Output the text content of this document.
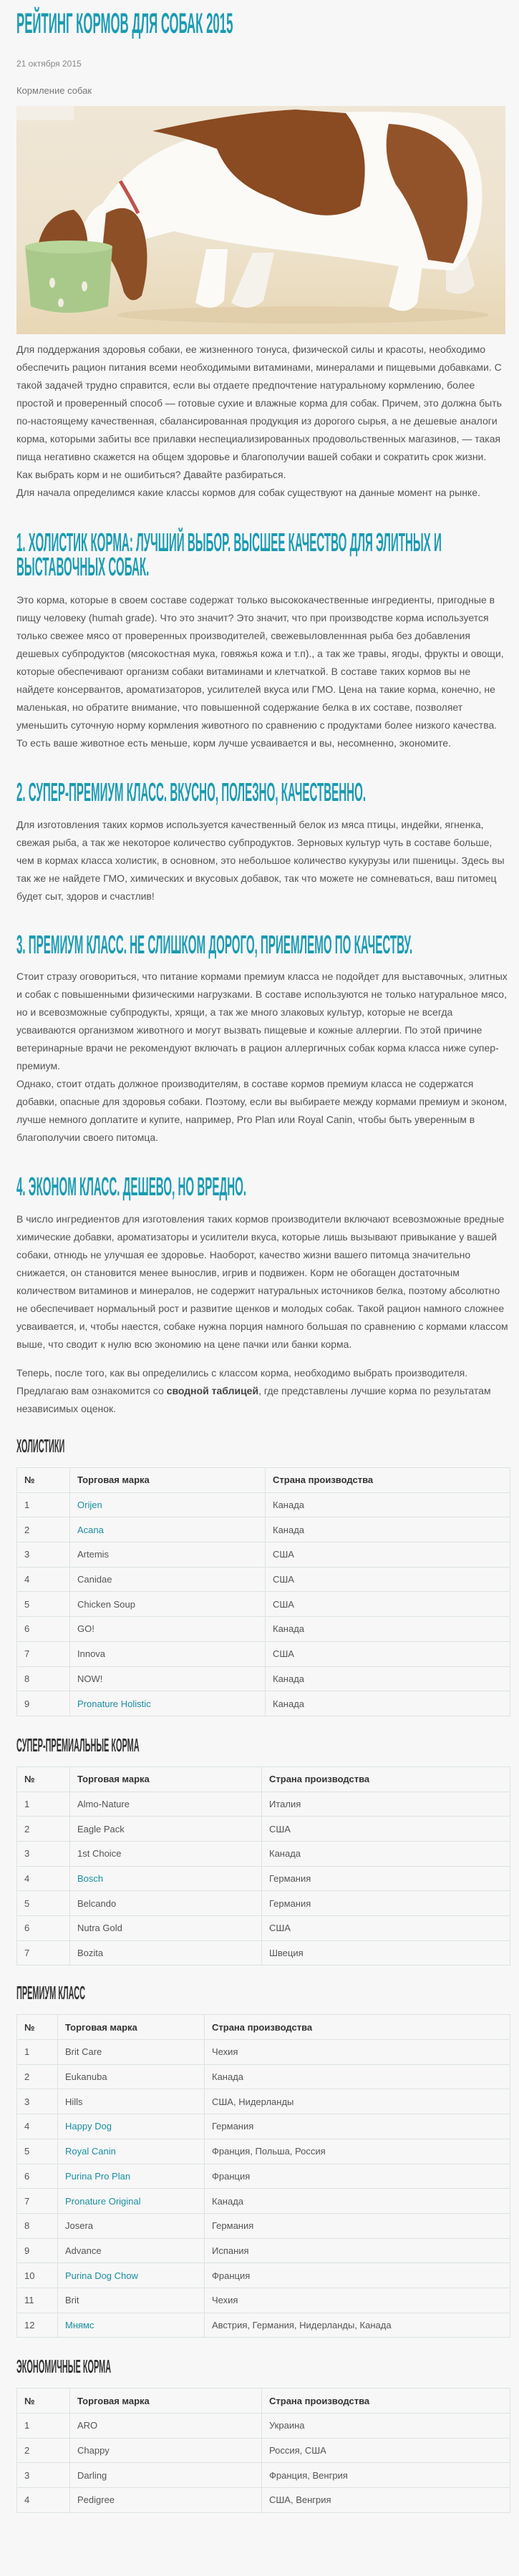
РЕЙТИНГ КОРМОВ ДЛЯ СОБАК 2015
21 октября 2015
Кормление собак

Для поддержания здоровья собаки, ее жизненного тонуса, физической силы и красоты, необходимо обеспечить рацион питания всеми необходимыми витаминами, минералами и пищевыми добавками. С такой задачей трудно справится, если вы отдаете предпочтение натуральному кормлению, более простой и проверенный способ — готовые сухие и влажные корма для собак. Причем, это должна быть по-настоящему качественная, сбалансированная продукция из дорогого сырья, а не дешевые аналоги корма, которыми забиты все прилавки неспециализированных продовольственных магазинов, — такая пища негативно скажется на общем здоровье и благополучии вашей собаки и сократить срок жизни.

Как выбрать корм и не ошибиться? Давайте разбираться.

Для начала определимся какие классы кормов для собак существуют на данные момент на рынке.

1. ХОЛИСТИК КОРМА: ЛУЧШИЙ ВЫБОР. ВЫСШЕЕ КАЧЕСТВО ДЛЯ ЭЛИТНЫХ И ВЫСТАВОЧНЫХ СОБАК.

Это корма, которые в своем составе содержат только высококачественные ингредиенты, пригодные в пищу человеку (humah grade). Что это значит? Это значит, что при производстве корма используется только свежее мясо от проверенных производителей, свежевыловленнная рыба без добавления дешевых субпродуктов (мясокостная мука, говяжья кожа и т.п)., а так же травы, ягоды, фрукты и овощи, которые обеспечивают организм собаки витаминами и клетчаткой. В составе таких кормов вы не найдете консервантов, ароматизаторов, усилителей вкуса или ГМО. Цена на такие корма, конечно, не маленькая, но обратите внимание, что повышенной содержание белка в их составе, позволяет уменьшить суточную норму кормления животного по сравнению с продуктами более низкого качества. То есть ваше животное есть меньше, корм лучше усваивается и вы, несомненно, экономите.

2. СУПЕР-ПРЕМИУМ КЛАСС. ВКУСНО, ПОЛЕЗНО, КАЧЕСТВЕННО.

Для изготовления таких кормов используется качественный белок из мяса птицы, индейки, ягненка, свежая рыба, а так же некоторое количество субпродуктов. Зерновых культур чуть в составе больше, чем в кормах класса холистик, в основном, это небольшое количество кукурузы или пшеницы. Здесь вы так же не найдете ГМО, химических и вкусовых добавок, так что можете не сомневаться, ваш питомец будет сыт, здоров и счастлив!

3. ПРЕМИУМ КЛАСС. НЕ СЛИШКОМ ДОРОГО, ПРИЕМЛЕМО ПО КАЧЕСТВУ.

Стоит стразу оговориться, что питание кормами премиум класса не подойдет для выставочных, элитных и собак с повышенными физическими нагрузками. В составе используются не только натуральное мясо, но и всевозможные субпродукты, хрящи, а так же много злаковых культур, которые не всегда усваиваются организмом животного и могут вызвать пищевые и кожные аллергии. По этой причине ветеринарные врачи не рекомендуют включать в рацион аллергичных собак корма класса ниже супер-премиум.

Однако, стоит отдать должное производителям, в составе кормов премиум класса не содержатся добавки, опасные для здоровья собаки. Поэтому, если вы выбираете между кормами премиум и эконом, лучше немного доплатите и купите, например, Pro Plan или Royal Canin, чтобы быть уверенным в благополучии своего питомца.

4. ЭКОНОМ КЛАСС. ДЕШЕВО, НО ВРЕДНО.

В число ингредиентов для изготовления таких кормов производители включают всевозможные вредные химические добавки, ароматизаторы и усилители вкуса, которые лишь вызывают привыкание у вашей собаки, отнюдь не улучшая ее здоровье. Наоборот, качество жизни вашего питомца значительно снижается, он становится менее вынослив, игрив и подвижен. Корм не обогащен достаточным количеством витаминов и минералов, не содержит натуральных источников белка, поэтому абсолютно не обеспечивает нормальный рост и развитие щенков и молодых собак. Такой рацион намного сложнее усваивается, и, чтобы наестся, собаке нужна порция намного большая по сравнению с кормами классом выше, что сводит к нулю всю экономию на цене пачки или банки корма.

Теперь, после того, как вы определились с классом корма, необходимо выбрать производителя. Предлагаю вам ознакомится со сводной таблицей, где представлены лучшие корма по результатам независимых оценок.

ХОЛИСТИКИ
№	Торговая марка	Страна производства
1	Orijen	Канада
2	Acana	Канада
3	Artemis	США
4	Canidae	США
5	Chicken Soup	США
6	GO!	Канада
7	Innova	США
8	NOW!	Канада
9	Pronature Holistic	Канада
СУПЕР-ПРЕМИАЛЬНЫЕ КОРМА
№	Торговая марка	Страна производства
1	Almo-Nature	Италия
2	Eagle Pack	США
3	1st Choice	Канада
4	Bosch	Германия
5	Belcando	Германия
6	Nutra Gold	США
7	Bozita	Швеция
ПРЕМИУМ КЛАСС
№	Торговая марка	Страна производства
1	Brit Care	Чехия
2	Eukanuba	Канада
3	Hills	США, Нидерланды
4	Happy Dog	Германия
5	Royal Canin	Франция, Польша, Россия
6	Purina Pro Plan	Франция
7	Pronature Original	Канада
8	Josera	Германия
9	Advance	Испания
10	Purina Dog Chow	Франция
11	Brit	Чехия
12	Мнямс	Австрия, Германия, Нидерланды, Канада
ЭКОНОМИЧНЫЕ КОРМА
№	Торговая марка	Страна производства
1	ARO	Украина
2	Chappy	Россия, США
3	Darling	Франция, Венгрия
4	Pedigree	США, Венгрия
